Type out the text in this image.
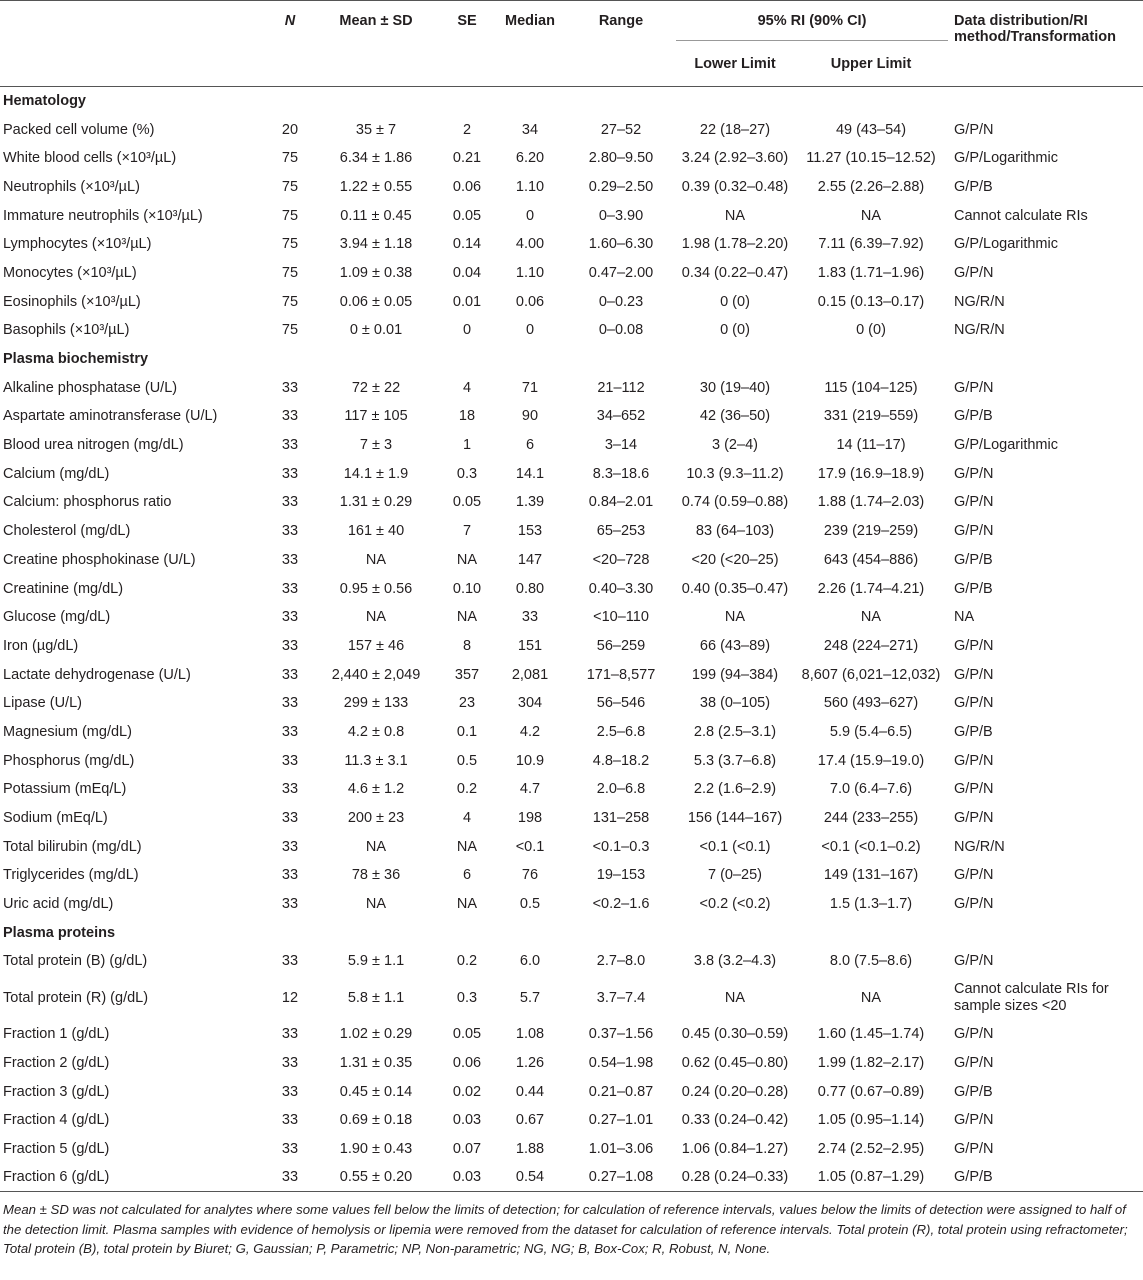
	N	Mean ± SD	SE	Median	Range	95% RI (90% CI)		Data distribution/RI
method/Transformation

						Lower Limit	Upper Limit	
Hematology								
Packed cell volume (%)	20	35 ± 7	2	34	27–52	22 (18–27)	49 (43–54)	G/P/N
White blood cells (×10³/µL)	75	6.34 ± 1.86	0.21	6.20	2.80–9.50	3.24 (2.92–3.60)	11.27 (10.15–12.52)	G/P/Logarithmic
Neutrophils (×10³/µL)	75	1.22 ± 0.55	0.06	1.10	0.29–2.50	0.39 (0.32–0.48)	2.55 (2.26–2.88)	G/P/B
Immature neutrophils (×10³/µL)	75	0.11 ± 0.45	0.05	0	0–3.90	NA	NA	Cannot calculate RIs
Lymphocytes (×10³/µL)	75	3.94 ± 1.18	0.14	4.00	1.60–6.30	1.98 (1.78–2.20)	7.11 (6.39–7.92)	G/P/Logarithmic
Monocytes (×10³/µL)	75	1.09 ± 0.38	0.04	1.10	0.47–2.00	0.34 (0.22–0.47)	1.83 (1.71–1.96)	G/P/N
Eosinophils (×10³/µL)	75	0.06 ± 0.05	0.01	0.06	0–0.23	0 (0)	0.15 (0.13–0.17)	NG/R/N
Basophils (×10³/µL)	75	0 ± 0.01	0	0	0–0.08	0 (0)	0 (0)	NG/R/N
Plasma biochemistry								
Alkaline phosphatase (U/L)	33	72 ± 22	4	71	21–112	30 (19–40)	115 (104–125)	G/P/N
Aspartate aminotransferase (U/L)	33	117 ± 105	18	90	34–652	42 (36–50)	331 (219–559)	G/P/B
Blood urea nitrogen (mg/dL)	33	7 ± 3	1	6	3–14	3 (2–4)	14 (11–17)	G/P/Logarithmic
Calcium (mg/dL)	33	14.1 ± 1.9	0.3	14.1	8.3–18.6	10.3 (9.3–11.2)	17.9 (16.9–18.9)	G/P/N
Calcium: phosphorus ratio	33	1.31 ± 0.29	0.05	1.39	0.84–2.01	0.74 (0.59–0.88)	1.88 (1.74–2.03)	G/P/N
Cholesterol (mg/dL)	33	161 ± 40	7	153	65–253	83 (64–103)	239 (219–259)	G/P/N
Creatine phosphokinase (U/L)	33	NA	NA	147	<20–728	<20 (<20–25)	643 (454–886)	G/P/B
Creatinine (mg/dL)	33	0.95 ± 0.56	0.10	0.80	0.40–3.30	0.40 (0.35–0.47)	2.26 (1.74–4.21)	G/P/B
Glucose (mg/dL)	33	NA	NA	33	<10–110	NA	NA	NA
Iron (µg/dL)	33	157 ± 46	8	151	56–259	66 (43–89)	248 (224–271)	G/P/N
Lactate dehydrogenase (U/L)	33	2,440 ± 2,049	357	2,081	171–8,577	199 (94–384)	8,607 (6,021–12,032)	G/P/N
Lipase (U/L)	33	299 ± 133	23	304	56–546	38 (0–105)	560 (493–627)	G/P/N
Magnesium (mg/dL)	33	4.2 ± 0.8	0.1	4.2	2.5–6.8	2.8 (2.5–3.1)	5.9 (5.4–6.5)	G/P/B
Phosphorus (mg/dL)	33	11.3 ± 3.1	0.5	10.9	4.8–18.2	5.3 (3.7–6.8)	17.4 (15.9–19.0)	G/P/N
Potassium (mEq/L)	33	4.6 ± 1.2	0.2	4.7	2.0–6.8	2.2 (1.6–2.9)	7.0 (6.4–7.6)	G/P/N
Sodium (mEq/L)	33	200 ± 23	4	198	131–258	156 (144–167)	244 (233–255)	G/P/N
Total bilirubin (mg/dL)	33	NA	NA	<0.1	<0.1–0.3	<0.1 (<0.1)	<0.1 (<0.1–0.2)	NG/R/N
Triglycerides (mg/dL)	33	78 ± 36	6	76	19–153	7 (0–25)	149 (131–167)	G/P/N
Uric acid (mg/dL)	33	NA	NA	0.5	<0.2–1.6	<0.2 (<0.2)	1.5 (1.3–1.7)	G/P/N
Plasma proteins								
Total protein (B) (g/dL)	33	5.9 ± 1.1	0.2	6.0	2.7–8.0	3.8 (3.2–4.3)	8.0 (7.5–8.6)	G/P/N
Total protein (R) (g/dL)	12	5.8 ± 1.1	0.3	5.7	3.7–7.4	NA	NA	Cannot calculate RIs for sample sizes <20
Fraction 1 (g/dL)	33	1.02 ± 0.29	0.05	1.08	0.37–1.56	0.45 (0.30–0.59)	1.60 (1.45–1.74)	G/P/N
Fraction 2 (g/dL)	33	1.31 ± 0.35	0.06	1.26	0.54–1.98	0.62 (0.45–0.80)	1.99 (1.82–2.17)	G/P/N
Fraction 3 (g/dL)	33	0.45 ± 0.14	0.02	0.44	0.21–0.87	0.24 (0.20–0.28)	0.77 (0.67–0.89)	G/P/B
Fraction 4 (g/dL)	33	0.69 ± 0.18	0.03	0.67	0.27–1.01	0.33 (0.24–0.42)	1.05 (0.95–1.14)	G/P/N
Fraction 5 (g/dL)	33	1.90 ± 0.43	0.07	1.88	1.01–3.06	1.06 (0.84–1.27)	2.74 (2.52–2.95)	G/P/N
Fraction 6 (g/dL)	33	0.55 ± 0.20	0.03	0.54	0.27–1.08	0.28 (0.24–0.33)	1.05 (0.87–1.29)	G/P/B
Mean ± SD was not calculated for analytes where some values fell below the limits of detection; for calculation of reference intervals, values below the limits of detection were assigned to half of the detection limit. Plasma samples with evidence of hemolysis or lipemia were removed from the dataset for calculation of reference intervals. Total protein (R), total protein using refractometer; Total protein (B), total protein by Biuret; G, Gaussian; P, Parametric; NP, Non-parametric; NG, NG; B, Box-Cox; R, Robust, N, None.
